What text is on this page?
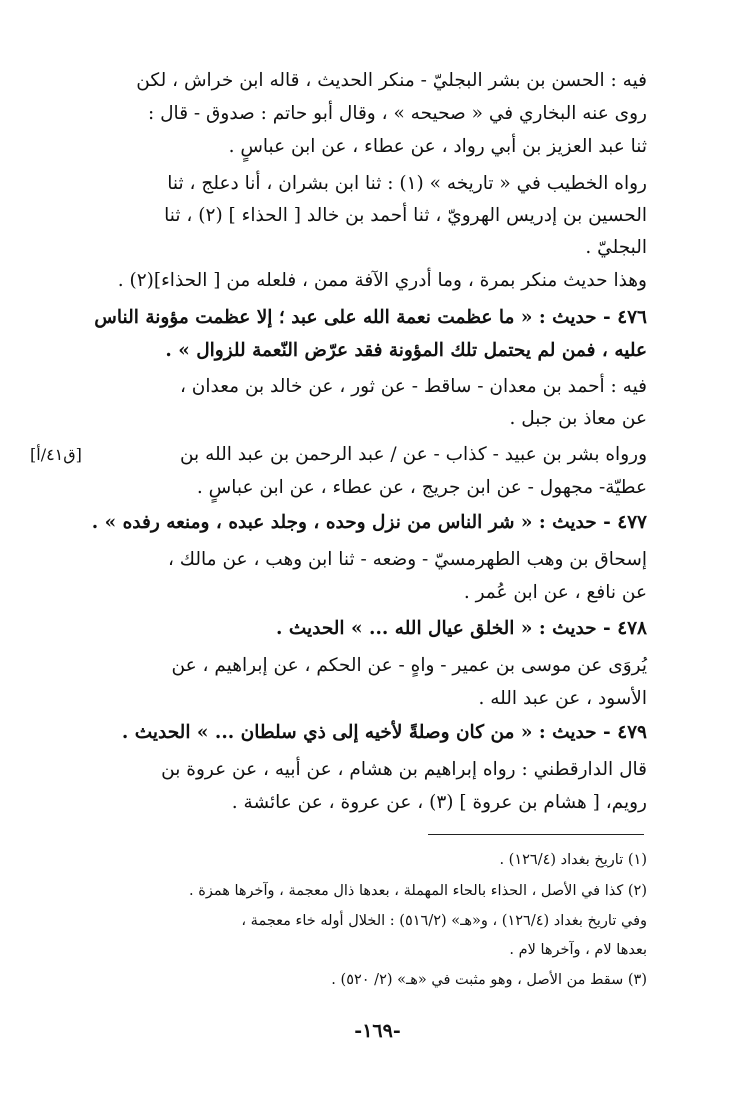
فيه : الحسن بن بشر البجليّ - منكر الحديث ، قاله ابن خراش ، لكن
روى عنه البخاري في « صحيحه » ، وقال أبو حاتم : صدوق - قال :
ثنا عبد العزيز بن أبي رواد ، عن عطاء ، عن ابن عباسٍ .
رواه الخطيب في « تاريخه » (١) : ثنا ابن بشران ، أنا دعلج ، ثنا
الحسين بن إدريس الهرويّ ، ثنا أحمد بن خالد [ الحذاء ] (٢) ، ثنا
البجليّ .
وهذا حديث منكر بمرة ، وما أدري الآفة ممن ، فلعله من [ الحذاء](٢) .
٤٧٦ - حديث : « ما عظمت نعمة الله على عبد ؛ إلا عظمت مؤونة الناس
عليه ، فمن لم يحتمل تلك المؤونة فقد عرّض النّعمة للزوال » .
فيه : أحمد بن معدان - ساقط - عن ثور ، عن خالد بن معدان ،
عن معاذ بن جبل .
ورواه بشر بن عبيد - كذاب - عن / عبد الرحمن بن عبد الله بن
[ق٤١/أ]
عطيّة- مجهول - عن ابن جريج ، عن عطاء ، عن ابن عباسٍ .
٤٧٧ - حديث : « شر الناس من نزل وحده ، وجلد عبده ، ومنعه رفده » .
إسحاق بن وهب الطهرمسيّ - وضعه - ثنا ابن وهب ، عن مالك ،
عن نافع ، عن ابن عُمر .
٤٧٨ - حديث : « الخلق عيال الله ... » الحديث .
يُروَى عن موسى بن عمير - واهٍ - عن الحكم ، عن إبراهيم ، عن
الأسود ، عن عبد الله .
٤٧٩ - حديث : « من كان وصلةً لأخيه إلى ذي سلطان ... » الحديث .
قال الدارقطني : رواه إبراهيم بن هشام ، عن أبيه ، عن عروة بن
رويم، [ هشام بن عروة ] (٣) ، عن عروة ، عن عائشة .
(١) تاريخ بغداد (١٢٦/٤) .
(٢) كذا في الأصل ، الحذاء بالحاء المهملة ، بعدها ذال معجمة ، وآخرها همزة .
وفي تاريخ بغداد (١٢٦/٤) ، و«هـ» (٥١٦/٢) : الخلال أوله خاء معجمة ،
بعدها لام ، وآخرها لام .
(٣) سقط من الأصل ، وهو مثبت في «هـ» (٢/ ٥٢٠) .
-١٦٩-
